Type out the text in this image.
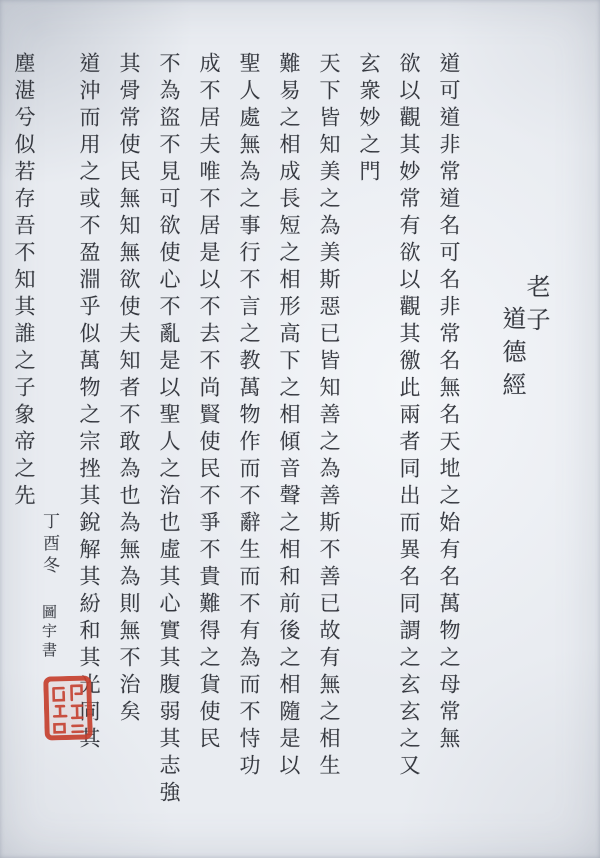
老子
道德經

道可道非常道名可名非常名無名天地之始有名萬物之母常無
欲以觀其妙常有欲以觀其徼此兩者同出而異名同謂之玄玄之又
玄衆妙之門
天下皆知美之為美斯惡已皆知善之為善斯不善已故有無之相生
難易之相成長短之相形高下之相傾音聲之相和前後之相隨是以
聖人處無為之事行不言之教萬物作而不辭生而不有為而不恃功
成不居夫唯不居是以不去不尚賢使民不爭不貴難得之貨使民
不為盜不見可欲使心不亂是以聖人之治也虛其心實其腹弱其志強
其骨常使民無知無欲使夫知者不敢為也為無為則無不治矣
道沖而用之或不盈淵乎似萬物之宗挫其銳解其紛和其光同其
塵湛兮似若存吾不知其誰之子象帝之先
丁酉冬 圖宇書
